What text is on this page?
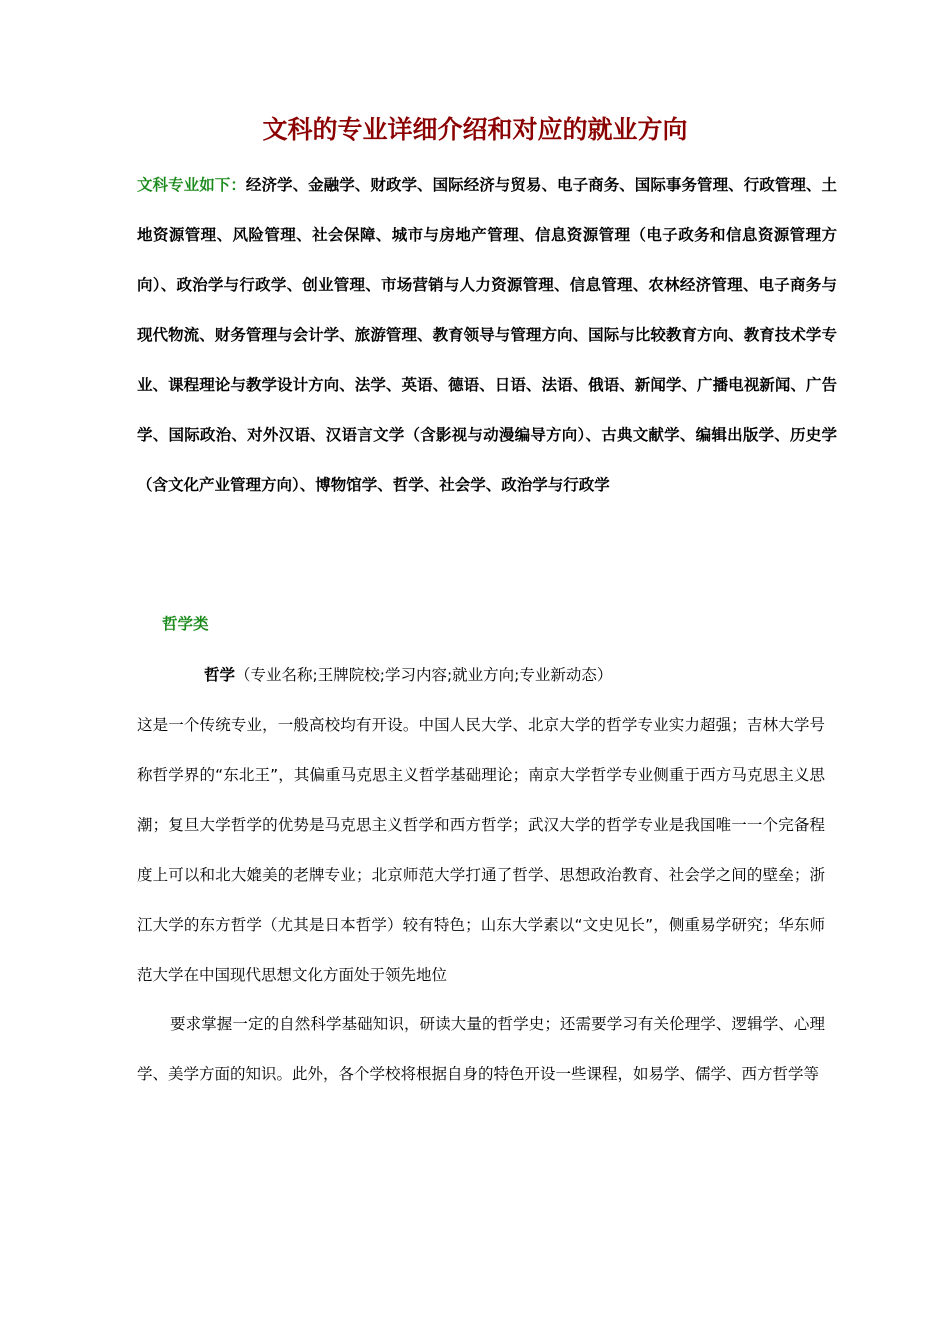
文科的专业详细介绍和对应的就业方向
文科专业如下：经济学、金融学、财政学、国际经济与贸易、电子商务、国际事务管理、行政管理、土地资源管理、风险管理、社会保障、城市与房地产管理、信息资源管理（电子政务和信息资源管理方向）、政治学与行政学、创业管理、市场营销与人力资源管理、信息管理、农林经济管理、电子商务与现代物流、财务管理与会计学、旅游管理、教育领导与管理方向、国际与比较教育方向、教育技术学专业、课程理论与教学设计方向、法学、英语、德语、日语、法语、俄语、新闻学、广播电视新闻、广告学、国际政治、对外汉语、汉语言文学（含影视与动漫编导方向）、古典文献学、编辑出版学、历史学（含文化产业管理方向）、博物馆学、哲学、社会学、政治学与行政学
哲学类
哲学（专业名称;王牌院校;学习内容;就业方向;专业新动态）
这是一个传统专业，一般高校均有开设。中国人民大学、北京大学的哲学专业实力超强；吉林大学号称哲学界的“东北王”，其偏重马克思主义哲学基础理论；南京大学哲学专业侧重于西方马克思主义思潮；复旦大学哲学的优势是马克思主义哲学和西方哲学；武汉大学的哲学专业是我国唯一一个完备程度上可以和北大媲美的老牌专业；北京师范大学打通了哲学、思想政治教育、社会学之间的壁垒；浙江大学的东方哲学（尤其是日本哲学）较有特色；山东大学素以“文史见长”，侧重易学研究；华东师范大学在中国现代思想文化方面处于领先地位
要求掌握一定的自然科学基础知识，研读大量的哲学史；还需要学习有关伦理学、逻辑学、心理学、美学方面的知识。此外，各个学校将根据自身的特色开设一些课程，如易学、儒学、西方哲学等
